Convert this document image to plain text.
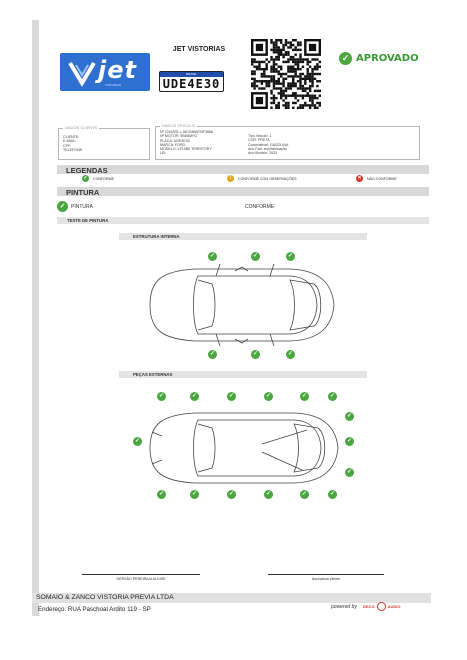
jet
VISTORIAS
JET VISTORIAS
BRASIL
UDE4E30
✓ APROVADO
DADOS CLIENTE
CLIENTE:
E-MAIL:
CPF:
TELEFONE:
DADOS VEICULO
Nº CHASSI: LJ8CG86BTNF3868
Nº MOTOR: 9BM5WY2
PLACA: UDE4E30
MARCA: FORD
MODELO: LF10B5 TERRITORY
LEI:
Tipo Veiculo: 1
COR: PRETA
Combustível: GASOLINA
Ano Fab: ano/fabricacao
Ano Modelo: 2023
LEGENDAS
✓	CONFORME	!	CONFORME COM OBSERVAÇÕES	✕	NÃO CONFORME
PINTURA
✓	PINTURA	CONFORME
TESTE DE PINTURA
ESTRUTURA INTERNA
✓	✓	✓
✓	✓	✓
PEÇAS EXTERNAS
✓	✓	✓	✓	✓	✓
✓
✓	✓
✓
✓	✓	✓	✓	✓	✓
GERSÃO PEREIRA/A ALGISE	Assinatura cliente
SOMAIO & ZANCO VISTORIA PREVIA LTDA
Endereço: RUA Paschoal Ardito 119 - SP	powered by DECO	AUDIO
